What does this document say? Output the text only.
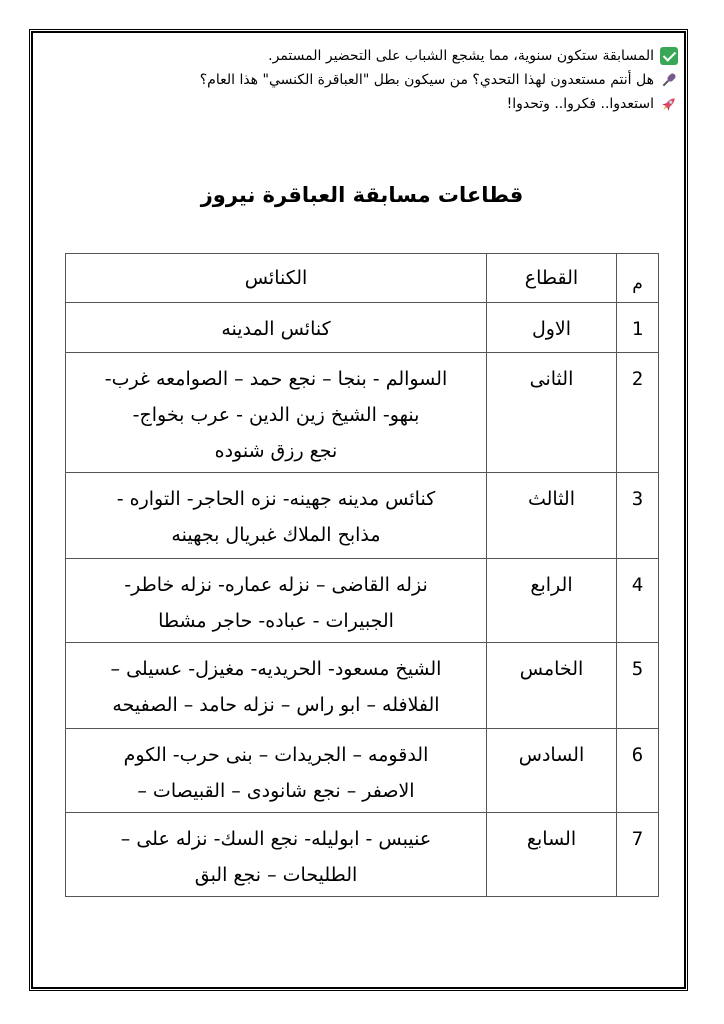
المسابقة ستكون سنوية، مما يشجع الشباب على التحضير المستمر.
هل أنتم مستعدون لهذا التحدي؟ من سيكون بطل "العباقرة الكنسي" هذا العام؟
استعدوا.. فكروا.. وتحدوا!
قطاعات مسابقة العباقرة نيروز
م	القطاع	الكنائس

1	الاول	كنائس المدينه

2	الثانى	السوالم - بنجا – نجع حمد – الصوامعه غرب-
بنهو- الشيخ زين الدين - عرب بخواج-
نجع رزق شنوده

3	الثالث	كنائس مدينه جهينه- نزه الحاجر- التواره -
مذابح الملاك غبريال بجهينه

4	الرابع	نزله القاضى – نزله عماره- نزله خاطر-
الجبيرات - عباده- حاجر مشطا

5	الخامس	الشيخ مسعود- الحريديه- مغيزل- عسيلى –
الفلافله – ابو راس – نزله حامد – الصفيحه

6	السادس	الدقومه – الجريدات – بنى حرب- الكوم
الاصفر – نجع شانودى – القبيصات –

7	السابع	عنيبس - ابوليله- نجع السك- نزله على –
الطليحات – نجع البق
